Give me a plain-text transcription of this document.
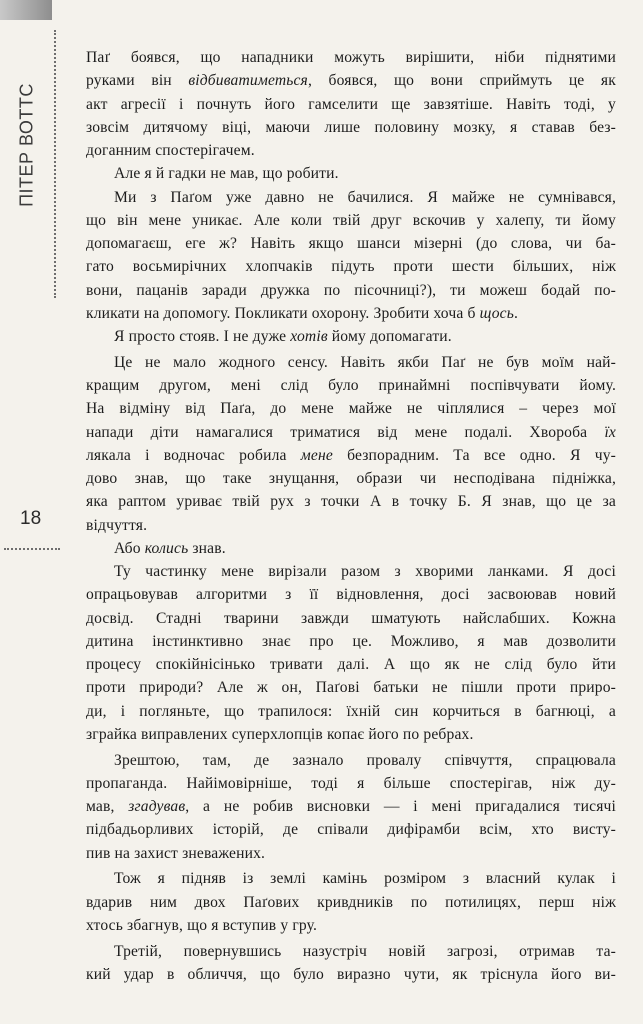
ПІТЕР ВОТТС
18
Паґ боявся, що нападники можуть вирішити, ніби піднятими
руками він відбиватиметься, боявся, що вони сприймуть це як
акт агресії і почнуть його гамселити ще завзятіше. Навіть тоді, у
зовсім дитячому віці, маючи лише половину мозку, я ставав без-
доганним спостерігачем.
Але я й гадки не мав, що робити.
Ми з Паґом уже давно не бачилися. Я майже не сумнівався,
що він мене уникає. Але коли твій друг вскочив у халепу, ти йому
допомагаєш, еге ж? Навіть якщо шанси мізерні (до слова, чи ба-
гато восьмирічних хлопчаків підуть проти шести більших, ніж
вони, пацанів заради дружка по пісочниці?), ти можеш бодай по-
кликати на допомогу. Покликати охорону. Зробити хоча б щось.
Я просто стояв. І не дуже хотів йому допомагати.
Це не мало жодного сенсу. Навіть якби Паґ не був моїм най-
кращим другом, мені слід було принаймні поспівчувати йому.
На відміну від Паґа, до мене майже не чіплялися – через мої
напади діти намагалися триматися від мене подалі. Хвороба їх
лякала і водночас робила мене безпорадним. Та все одно. Я чу-
дово знав, що таке знущання, образи чи несподівана підніжка,
яка раптом уриває твій рух з точки А в точку Б. Я знав, що це за
відчуття.
Або колись знав.
Ту частинку мене вирізали разом з хворими ланками. Я досі
опрацьовував алгоритми з її відновлення, досі засвоював новий
досвід. Стадні тварини завжди шматують найслабших. Кожна
дитина інстинктивно знає про це. Можливо, я мав дозволити
процесу спокійнісінько тривати далі. А що як не слід було йти
проти природи? Але ж он, Паґові батьки не пішли проти приро-
ди, і погляньте, що трапилося: їхній син корчиться в багнюці, а
зграйка виправлених суперхлопців копає його по ребрах.
Зрештою, там, де зазнало провалу співчуття, спрацювала
пропаганда. Найімовірніше, тоді я більше спостерігав, ніж ду-
мав, згадував, а не робив висновки — і мені пригадалися тисячі
підбадьорливих історій, де співали дифірамби всім, хто висту-
пив на захист зневажених.
Тож я підняв із землі камінь розміром з власний кулак і
вдарив ним двох Паґових кривдників по потилицях, перш ніж
хтось збагнув, що я вступив у гру.
Третій, повернувшись назустріч новій загрозі, отримав та-
кий удар в обличчя, що було виразно чути, як тріснула його ви-
